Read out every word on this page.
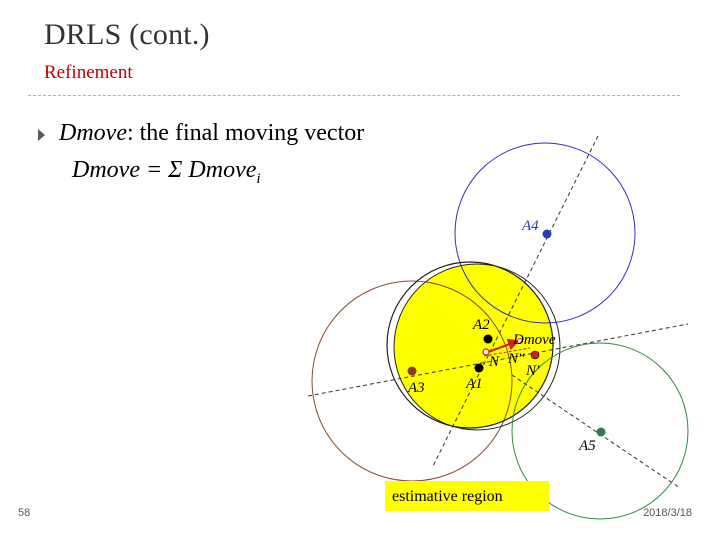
DRLS (cont.)
Refinement
Dmove : the final moving vector
Dmove = Σ Dmove$_i$
A4
A2
Dmove
N N''
N'
A1
A3
A5
estimative region
58	2018/3/18
